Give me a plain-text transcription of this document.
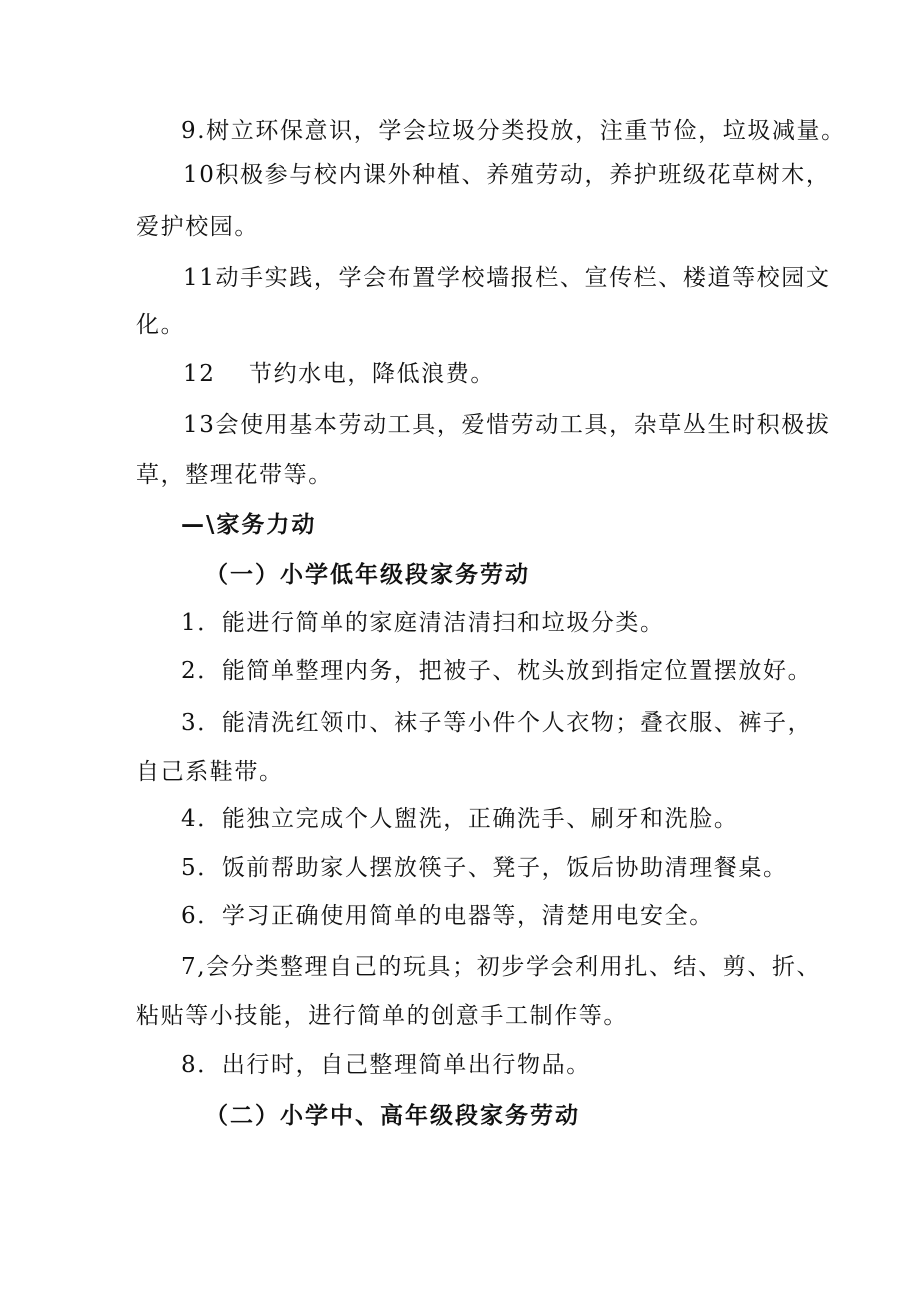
9.树立环保意识，学会垃圾分类投放，注重节俭，垃圾减量。
10积极参与校内课外种植、养殖劳动，养护班级花草树木，
爱护校园。
11动手实践，学会布置学校墙报栏、宣传栏、楼道等校园文
化。
12　 节约水电，降低浪费。
13会使用基本劳动工具，爱惜劳动工具，杂草丛生时积极拔
草，整理花带等。
—\家务力动
（一）小学低年级段家务劳动
1．能进行简单的家庭清洁清扫和垃圾分类。
2．能简单整理内务，把被子、枕头放到指定位置摆放好。
3．能清洗红领巾、袜子等小件个人衣物；叠衣服、裤子，
自己系鞋带。
4．能独立完成个人盥洗，正确洗手、刷牙和洗脸。
5．饭前帮助家人摆放筷子、凳子，饭后协助清理餐桌。
6．学习正确使用简单的电器等，清楚用电安全。
7,会分类整理自己的玩具；初步学会利用扎、结、剪、折、
粘贴等小技能，进行简单的创意手工制作等。
8．出行时，自己整理简单出行物品。
（二）小学中、高年级段家务劳动
